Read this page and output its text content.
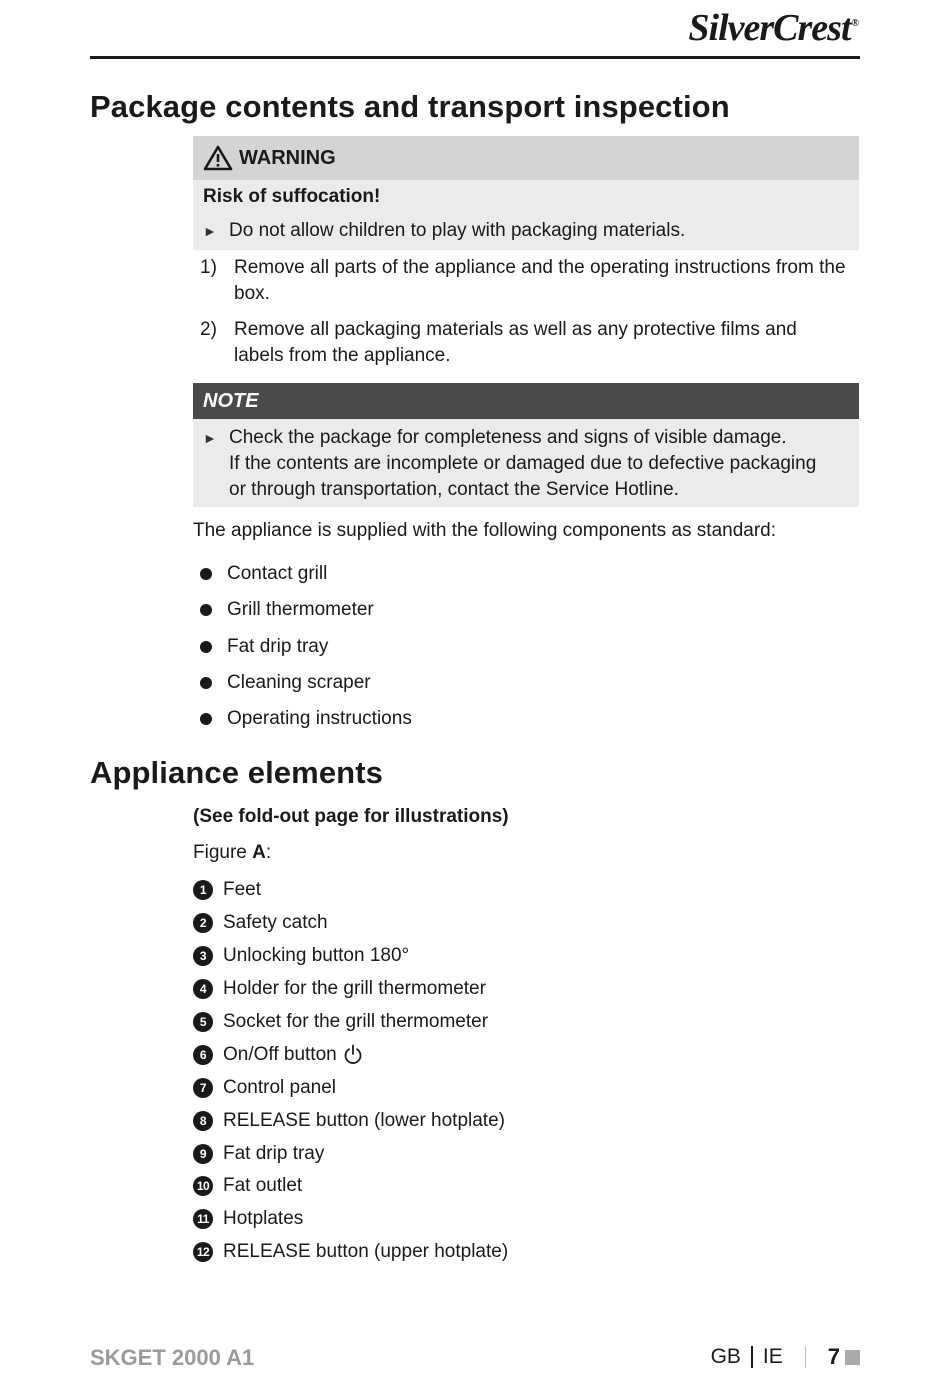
SilverCrest®
Package contents and transport inspection
WARNING

Risk of suffocation!

► Do not allow children to play with packaging materials.
1) Remove all parts of the appliance and the operating instructions from the box.
2) Remove all packaging materials as well as any protective films and labels from the appliance.
NOTE
► Check the package for completeness and signs of visible damage.
If the contents are incomplete or damaged due to defective packaging
or through transportation, contact the Service Hotline.

The appliance is supplied with the following components as standard:

Contact grill
Grill thermometer
Fat drip tray
Cleaning scraper
Operating instructions
Appliance elements

(See fold-out page for illustrations)

Figure A:

1 Feet
2 Safety catch
3 Unlocking button 180°
4 Holder for the grill thermometer
5 Socket for the grill thermometer
6 On/Off button
7 Control panel
8 RELEASE button (lower hotplate)
9 Fat drip tray
10 Fat outlet
11 Hotplates
12 RELEASE button (upper hotplate)

SKGET 2000 A1	GB IE 7
